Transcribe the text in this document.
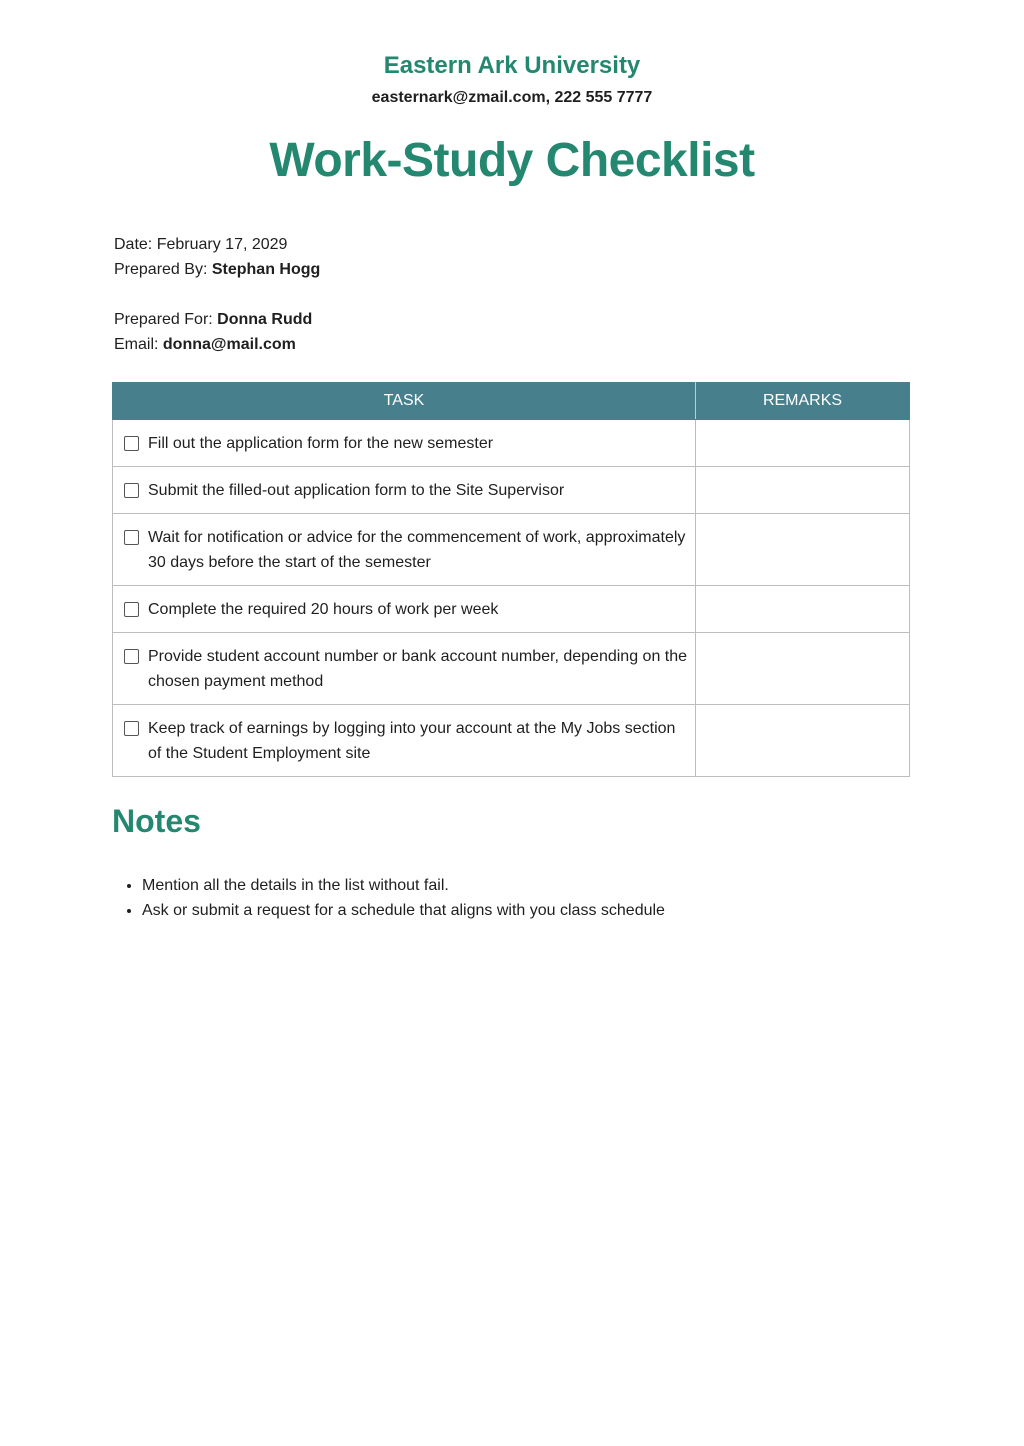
Eastern Ark University
easternark@zmail.com, 222 555 7777
Work-Study Checklist
Date: February 17, 2029
Prepared By: Stephan Hogg
Prepared For: Donna Rudd
Email: donna@mail.com
TASK	REMARKS

Fill out the application form for the new semester	

Submit the filled-out application form to the Site Supervisor	

Wait for notification or advice for the commencement of work, approximately 30 days before the start of the semester	

Complete the required 20 hours of work per week	

Provide student account number or bank account number, depending on the chosen payment method	

Keep track of earnings by logging into your account at the My Jobs section of the Student Employment site	

Notes
• Mention all the details in the list without fail.
• Ask or submit a request for a schedule that aligns with you class schedule
